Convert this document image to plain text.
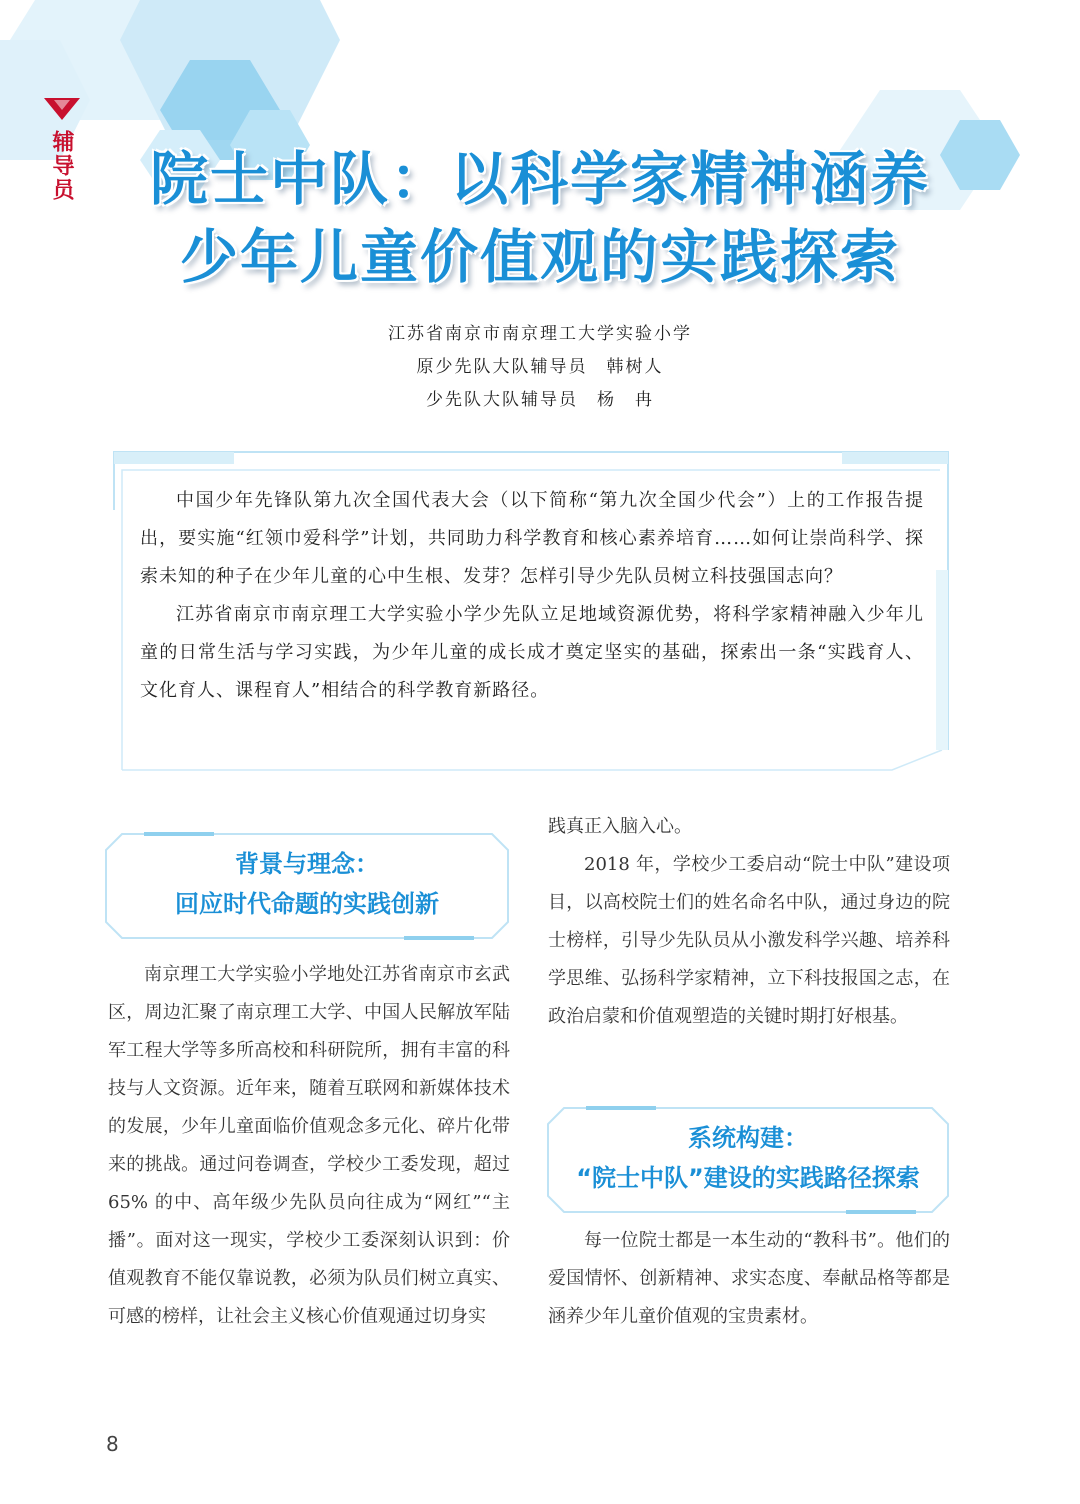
辅导员	院士中队：以科学家精神涵养
少年儿童价值观的实践探索
江苏省南京市南京理工大学实验小学
原少先队大队辅导员　韩树人
少先队大队辅导员　杨　冉

中国少年先锋队第九次全国代表大会（以下简称“第九次全国少代会”）上的工作报告提出，要实施“红领巾爱科学”计划，共同助力科学教育和核心素养培育……如何让崇尚科学、探索未知的种子在少年儿童的心中生根、发芽？怎样引导少先队员树立科技强国志向？

江苏省南京市南京理工大学实验小学少先队立足地域资源优势，将科学家精神融入少年儿童的日常生活与学习实践，为少年儿童的成长成才奠定坚实的基础，探索出一条“实践育人、文化育人、课程育人”相结合的科学教育新路径。

背景与理念：
回应时代命题的实践创新

南京理工大学实验小学地处江苏省南京市玄武区，周边汇聚了南京理工大学、中国人民解放军陆军工程大学等多所高校和科研院所，拥有丰富的科技与人文资源。近年来，随着互联网和新媒体技术的发展，少年儿童面临价值观念多元化、碎片化带来的挑战。通过问卷调查，学校少工委发现，超过 65% 的中、高年级少先队员向往成为“网红”“主播”。面对这一现实，学校少工委深刻认识到：价值观教育不能仅靠说教，必须为队员们树立真实、可感的榜样，让社会主义核心价值观通过切身实

践真正入脑入心。

2018 年，学校少工委启动“院士中队”建设项目，以高校院士们的姓名命名中队，通过身边的院士榜样，引导少先队员从小激发科学兴趣、培养科学思维、弘扬科学家精神，立下科技报国之志，在政治启蒙和价值观塑造的关键时期打好根基。

系统构建：
“院士中队”建设的实践路径探索

每一位院士都是一本生动的“教科书”。他们的爱国情怀、创新精神、求实态度、奉献品格等都是涵养少年儿童价值观的宝贵素材。

8
